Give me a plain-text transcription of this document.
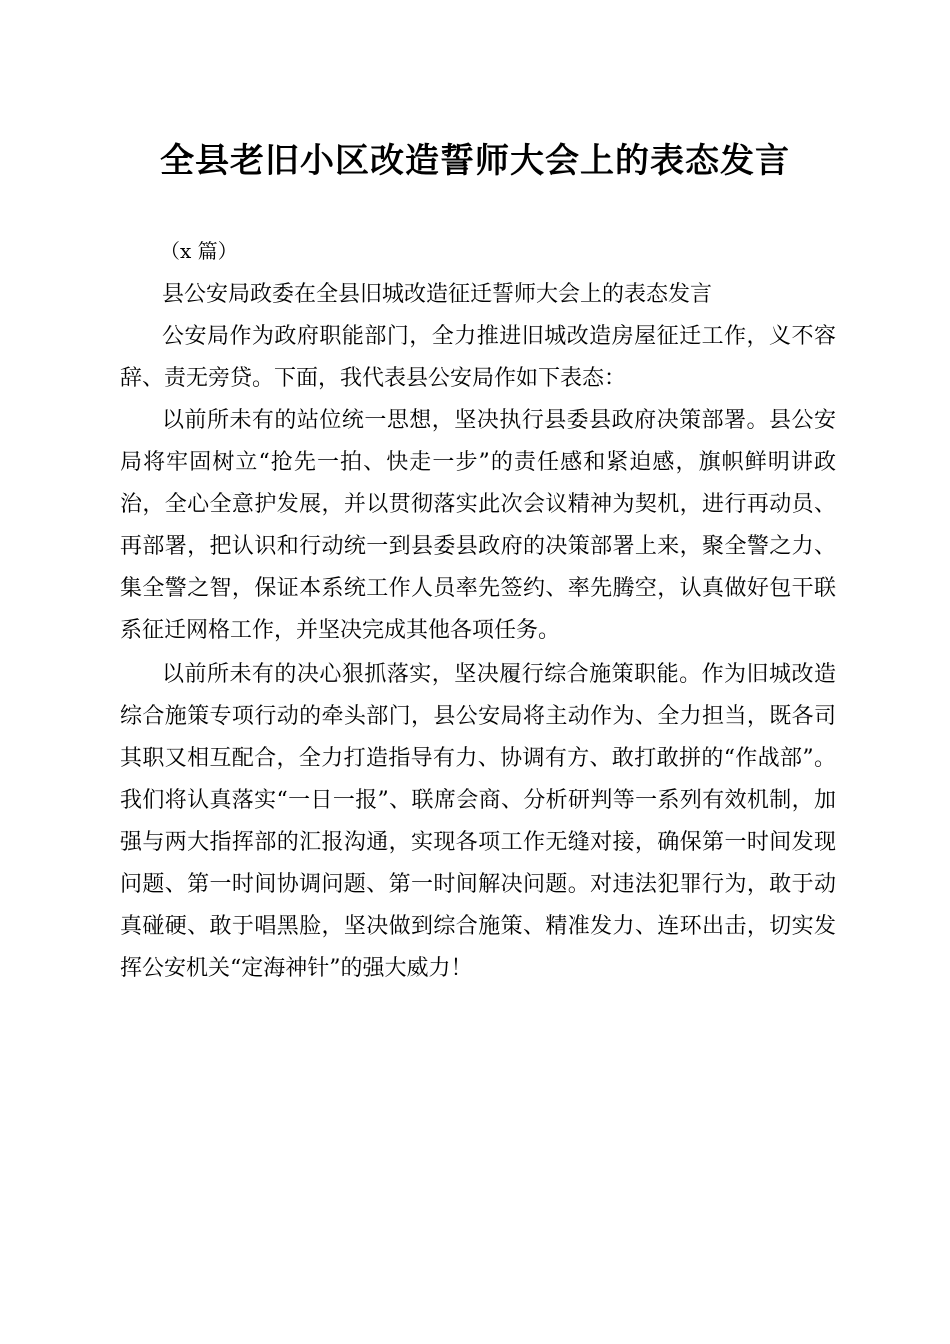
全县老旧小区改造誓师大会上的表态发言

（x 篇）

县公安局政委在全县旧城改造征迁誓师大会上的表态发言

公安局作为政府职能部门，全力推进旧城改造房屋征迁工作，义不容辞、责无旁贷。下面，我代表县公安局作如下表态：

以前所未有的站位统一思想，坚决执行县委县政府决策部署。县公安局将牢固树立“抢先一拍、快走一步”的责任感和紧迫感，旗帜鲜明讲政治，全心全意护发展，并以贯彻落实此次会议精神为契机，进行再动员、再部署，把认识和行动统一到县委县政府的决策部署上来，聚全警之力、集全警之智，保证本系统工作人员率先签约、率先腾空，认真做好包干联系征迁网格工作，并坚决完成其他各项任务。

以前所未有的决心狠抓落实，坚决履行综合施策职能。作为旧城改造综合施策专项行动的牵头部门，县公安局将主动作为、全力担当，既各司其职又相互配合，全力打造指导有力、协调有方、敢打敢拼的“作战部”。我们将认真落实“一日一报”、联席会商、分析研判等一系列有效机制，加强与两大指挥部的汇报沟通，实现各项工作无缝对接，确保第一时间发现问题、第一时间协调问题、第一时间解决问题。对违法犯罪行为，敢于动真碰硬、敢于唱黑脸，坚决做到综合施策、精准发力、连环出击，切实发挥公安机关“定海神针”的强大威力！
